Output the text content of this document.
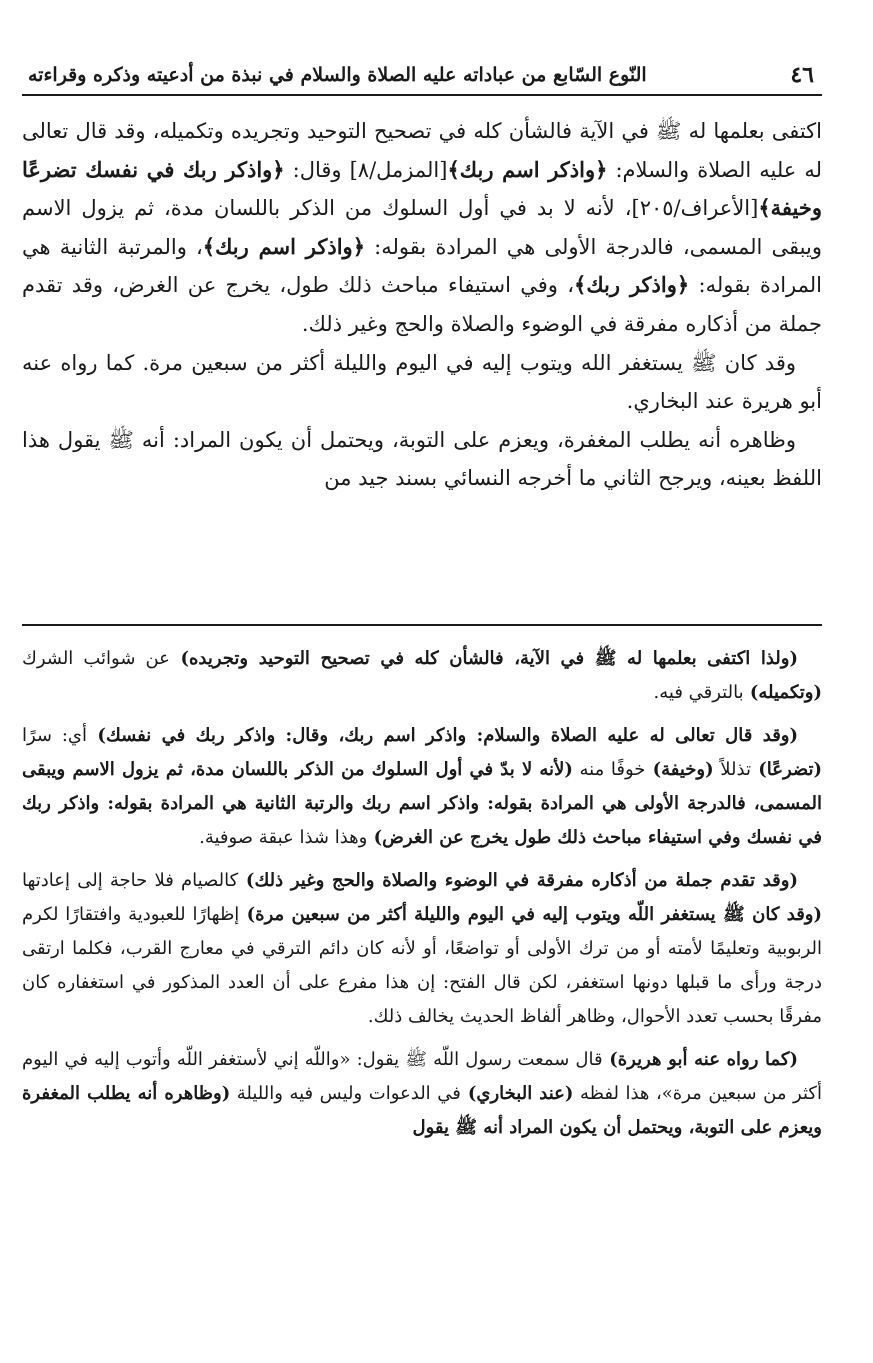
٤٦
النّوع السّابع من عباداته عليه الصلاة والسلام في نبذة من أدعيته وذكره وقراءته

اكتفى بعلمها له ﷺ في الآية فالشأن كله في تصحيح التوحيد وتجريده وتكميله، وقد قال تعالى له عليه الصلاة والسلام: ﴿واذكر اسم ربك﴾[المزمل/٨] وقال: ﴿واذكر ربك في نفسك تضرعًا وخيفة﴾[الأعراف/٢٠٥]، لأنه لا بد في أول السلوك من الذكر باللسان مدة، ثم يزول الاسم ويبقى المسمى، فالدرجة الأولى هي المرادة بقوله: ﴿واذكر اسم ربك﴾، والمرتبة الثانية هي المرادة بقوله: ﴿واذكر ربك﴾، وفي استيفاء مباحث ذلك طول، يخرج عن الغرض، وقد تقدم جملة من أذكاره مفرقة في الوضوء والصلاة والحج وغير ذلك.

وقد كان ﷺ يستغفر الله ويتوب إليه في اليوم والليلة أكثر من سبعين مرة. كما رواه عنه أبو هريرة عند البخاري.

وظاهره أنه يطلب المغفرة، ويعزم على التوبة، ويحتمل أن يكون المراد: أنه ﷺ يقول هذا اللفظ بعينه، ويرجح الثاني ما أخرجه النسائي بسند جيد من

(ولذا اكتفى بعلمها له ﷺ في الآية، فالشأن كله في تصحيح التوحيد وتجريده) عن شوائب الشرك (وتكميله) بالترقي فيه.

(وقد قال تعالى له عليه الصلاة والسلام: واذكر اسم ربك، وقال: واذكر ربك في نفسك) أي: سرًا (تضرعًا) تذللاً (وخيفة) خوفًا منه (لأنه لا بدّ في أول السلوك من الذكر باللسان مدة، ثم يزول الاسم ويبقى المسمى، فالدرجة الأولى هي المرادة بقوله: واذكر اسم ربك والرتبة الثانية هي المرادة بقوله: واذكر ربك في نفسك وفي استيفاء مباحث ذلك طول يخرج عن الغرض) وهذا شذا عبقة صوفية.

(وقد تقدم جملة من أذكاره مفرقة في الوضوء والصلاة والحج وغير ذلك) كالصيام فلا حاجة إلى إعادتها (وقد كان ﷺ يستغفر اللّه ويتوب إليه في اليوم والليلة أكثر من سبعين مرة) إظهارًا للعبودية وافتقارًا لكرم الربوبية وتعليمًا لأمته أو من ترك الأولى أو تواضعًا، أو لأنه كان دائم الترقي في معارج القرب، فكلما ارتقى درجة ورأى ما قبلها دونها استغفر، لكن قال الفتح: إن هذا مفرع على أن العدد المذكور في استغفاره كان مفرقًا بحسب تعدد الأحوال، وظاهر ألفاظ الحديث يخالف ذلك.

(كما رواه عنه أبو هريرة) قال سمعت رسول اللّه ﷺ يقول: «واللّه إني لأستغفر اللّه وأتوب إليه في اليوم أكثر من سبعين مرة»، هذا لفظه (عند البخاري) في الدعوات وليس فيه والليلة (وظاهره أنه يطلب المغفرة ويعزم على التوبة، ويحتمل أن يكون المراد أنه ﷺ يقول
